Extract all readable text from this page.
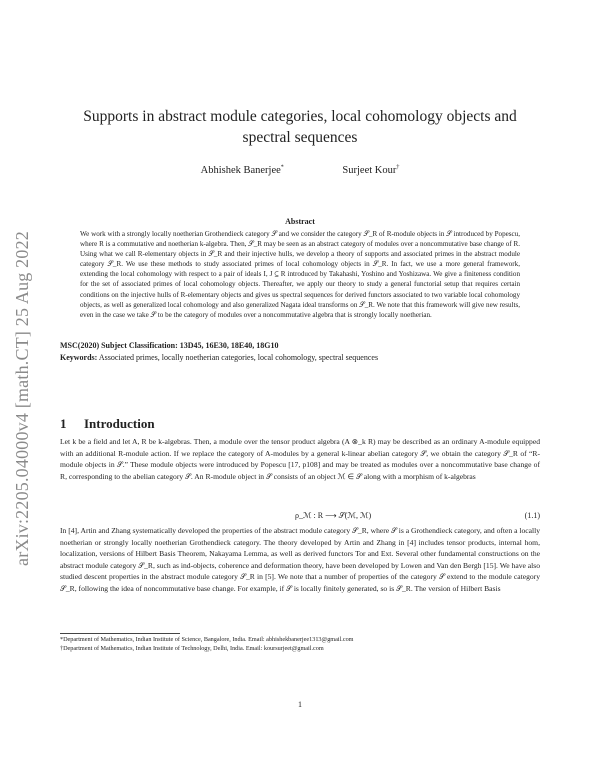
arXiv:2205.04000v4 [math.CT] 25 Aug 2022
Supports in abstract module categories, local cohomology objects and spectral sequences
Abhishek Banerjee*	Surjeet Kour†
Abstract
We work with a strongly locally noetherian Grothendieck category 𝒮 and we consider the category 𝒮_R of R-module objects in 𝒮 introduced by Popescu, where R is a commutative and noetherian k-algebra. Then, 𝒮_R may be seen as an abstract category of modules over a noncommutative base change of R. Using what we call R-elementary objects in 𝒮_R and their injective hulls, we develop a theory of supports and associated primes in the abstract module category 𝒮_R. We use these methods to study associated primes of local cohomology objects in 𝒮_R. In fact, we use a more general framework, extending the local cohomology with respect to a pair of ideals I, J ⊆ R introduced by Takahashi, Yoshino and Yoshizawa. We give a finiteness condition for the set of associated primes of local cohomology objects. Thereafter, we apply our theory to study a general functorial setup that requires certain conditions on the injective hulls of R-elementary objects and gives us spectral sequences for derived functors associated to two variable local cohomology objects, as well as generalized local cohomology and also generalized Nagata ideal transforms on 𝒮_R. We note that this framework will give new results, even in the case we take 𝒮 to be the category of modules over a noncommutative algebra that is strongly locally noetherian.
MSC(2020) Subject Classification: 13D45, 16E30, 18E40, 18G10
Keywords: Associated primes, locally noetherian categories, local cohomology, spectral sequences
1 Introduction
Let k be a field and let A, R be k-algebras. Then, a module over the tensor product algebra (A ⊗_k R) may be described as an ordinary A-module equipped with an additional R-module action. If we replace the category of A-modules by a general k-linear abelian category 𝒮, we obtain the category 𝒮_R of “R-module objects in 𝒮.” These module objects were introduced by Popescu [17, p108] and may be treated as modules over a noncommutative base change of R, corresponding to the abelian category 𝒮. An R-module object in 𝒮 consists of an object ℳ ∈ 𝒮 along with a morphism of k-algebras
ρ_ℳ : R ⟶ 𝒮(ℳ, ℳ)	(1.1)
In [4], Artin and Zhang systematically developed the properties of the abstract module category 𝒮_R, where 𝒮 is a Grothendieck category, and often a locally noetherian or strongly locally noetherian Grothendieck category. The theory developed by Artin and Zhang in [4] includes tensor products, internal hom, localization, versions of Hilbert Basis Theorem, Nakayama Lemma, as well as derived functors Tor and Ext. Several other fundamental constructions on the abstract module category 𝒮_R, such as ind-objects, coherence and deformation theory, have been developed by Lowen and Van den Bergh [15]. We have also studied descent properties in the abstract module category 𝒮_R in [5]. We note that a number of properties of the category 𝒮 extend to the module category 𝒮_R, following the idea of noncommutative base change. For example, if 𝒮 is locally finitely generated, so is 𝒮_R. The version of Hilbert Basis
*Department of Mathematics, Indian Institute of Science, Bangalore, India. Email: abhishekbanerjee1313@gmail.com
†Department of Mathematics, Indian Institute of Technology, Delhi, India. Email: koursurjeet@gmail.com
1
